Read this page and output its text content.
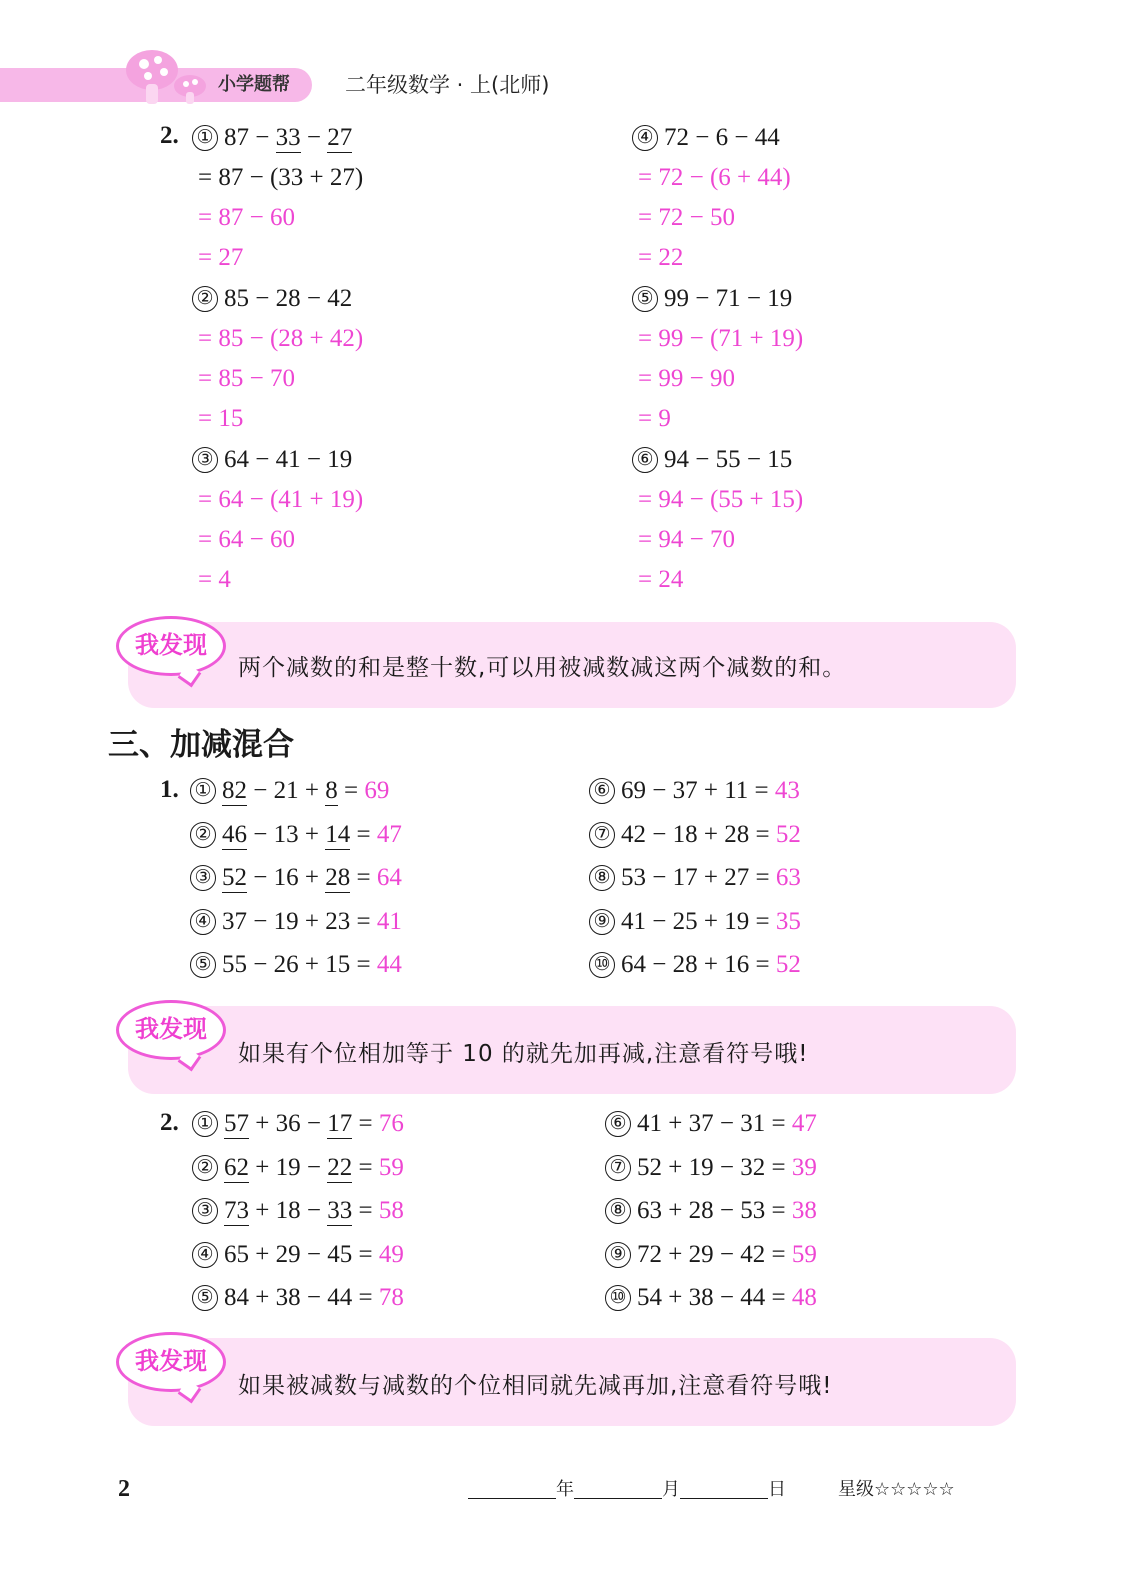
小学题帮	二年级数学 · 上(北师)
① 87 − 33 − 27
= 87 − (33 + 27)
= 87 − 60
= 27
② 85 − 28 − 42
= 85 − (28 + 42)
= 85 − 70
= 15
③ 64 − 41 − 19
= 64 − (41 + 19)
= 64 − 60
= 4
④ 72 − 6 − 44
= 72 − (6 + 44)
= 72 − 50
= 22
⑤ 99 − 71 − 19
= 99 − (71 + 19)
= 99 − 90
= 9
⑥ 94 − 55 − 15
= 94 − (55 + 15)
= 94 − 70
= 24
2.
我发现
两个减数的和是整十数,可以用被减数减这两个减数的和。
三、加减混合
1. ① 82 − 21 + 8 = 69
② 46 − 13 + 14 = 47
③ 52 − 16 + 28 = 64
④ 37 − 19 + 23 = 41
⑤ 55 − 26 + 15 = 44
⑥ 69 − 37 + 11 = 43
⑦ 42 − 18 + 28 = 52
⑧ 53 − 17 + 27 = 63
⑨ 41 − 25 + 19 = 35
⑩ 64 − 28 + 16 = 52
我发现
如果有个位相加等于 10 的就先加再减,注意看符号哦!
2. ① 57 + 36 − 17 = 76
② 62 + 19 − 22 = 59
③ 73 + 18 − 33 = 58
④ 65 + 29 − 45 = 49
⑤ 84 + 38 − 44 = 78
⑥ 41 + 37 − 31 = 47
⑦ 52 + 19 − 32 = 39
⑧ 63 + 28 − 53 = 38
⑨ 72 + 29 − 42 = 59
⑩ 54 + 38 − 44 = 48
我发现
如果被减数与减数的个位相同就先减再加,注意看符号哦!
2	年	月	日	星级☆☆☆☆☆
